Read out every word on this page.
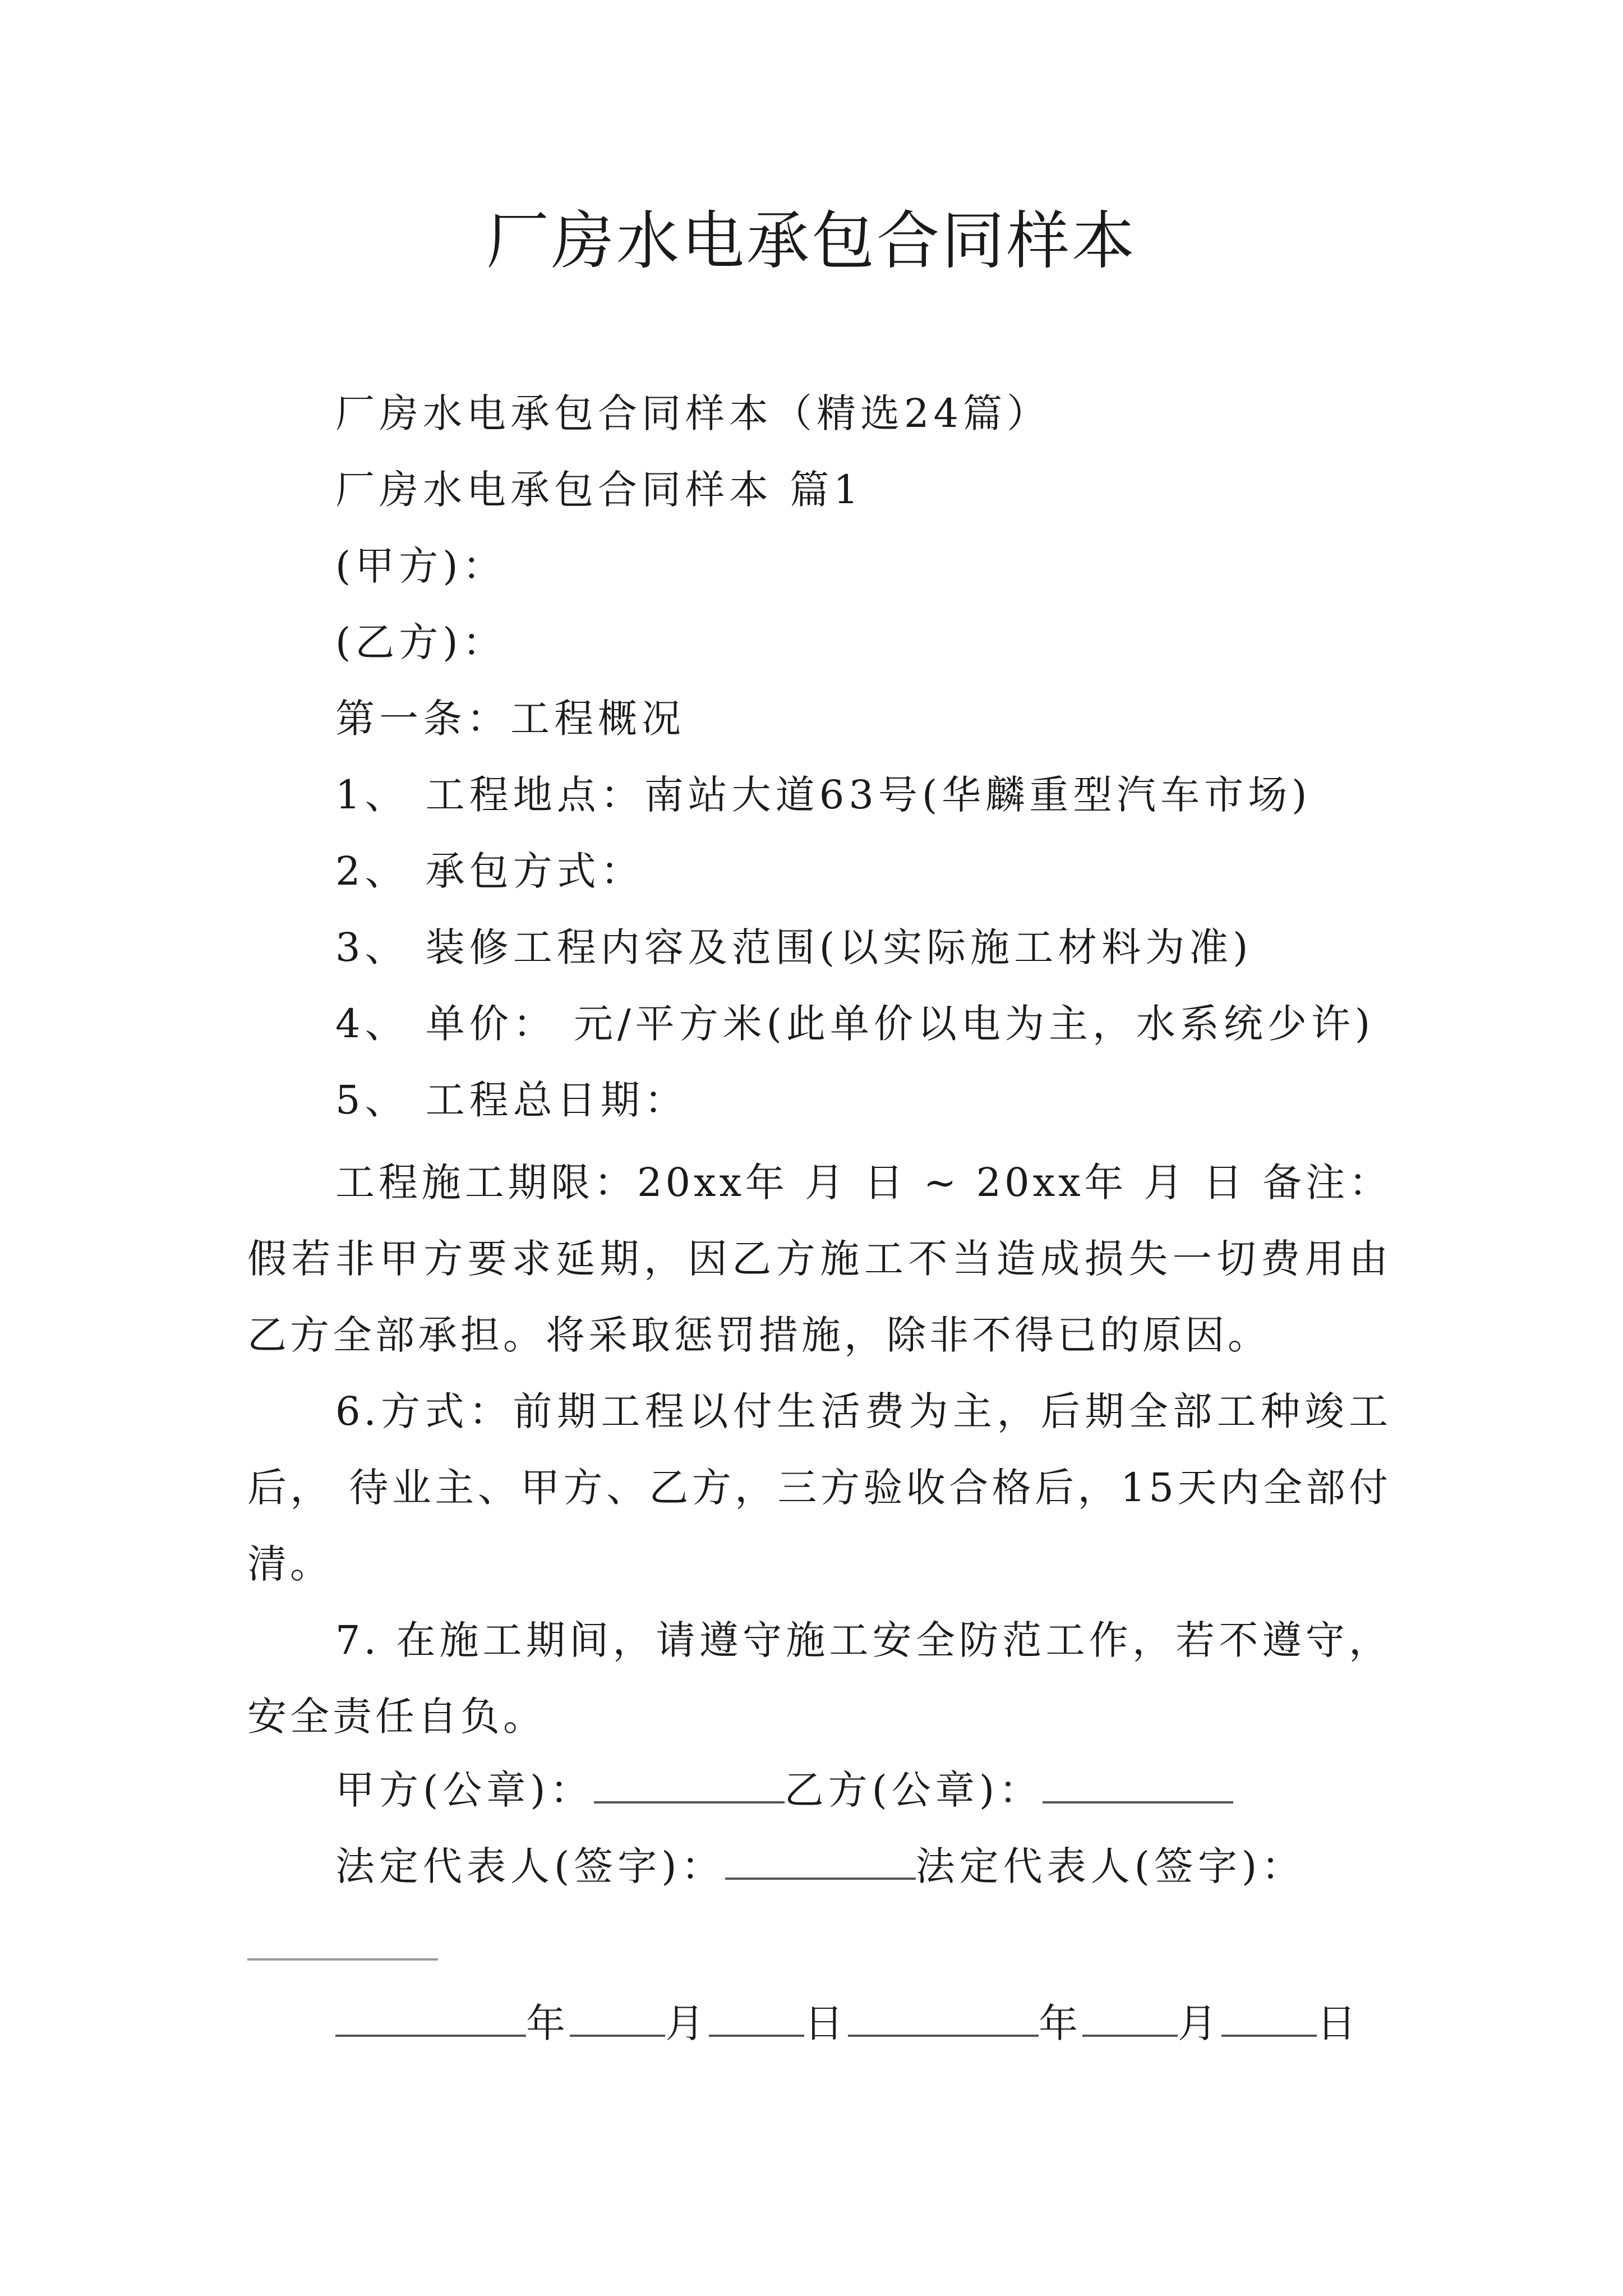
厂房水电承包合同样本
厂房水电承包合同样本（精选24篇）
厂房水电承包合同样本 篇1
(甲方)：
(乙方)：
第一条：工程概况
1、 工程地点：南站大道63号(华麟重型汽车市场)
2、 承包方式：
3、 装修工程内容及范围(以实际施工材料为准)
4、 单价： 元/平方米(此单价以电为主，水系统少许)
5、 工程总日期：

工程施工期限：20xx年 月 日 ~ 20xx年 月 日 备注：假若非甲方要求延期，因乙方施工不当造成损失一切费用由乙方全部承担。将采取惩罚措施，除非不得已的原因。

6.方式：前期工程以付生活费为主，后期全部工种竣工后， 待业主、甲方、乙方，三方验收合格后，15天内全部付清。

7. 在施工期间，请遵守施工安全防范工作，若不遵守，安全责任自负。

甲方(公章)：	乙方(公章)：
法定代表人(签字)：	法定代表人(签字)：
年 月 日	年 月 日
